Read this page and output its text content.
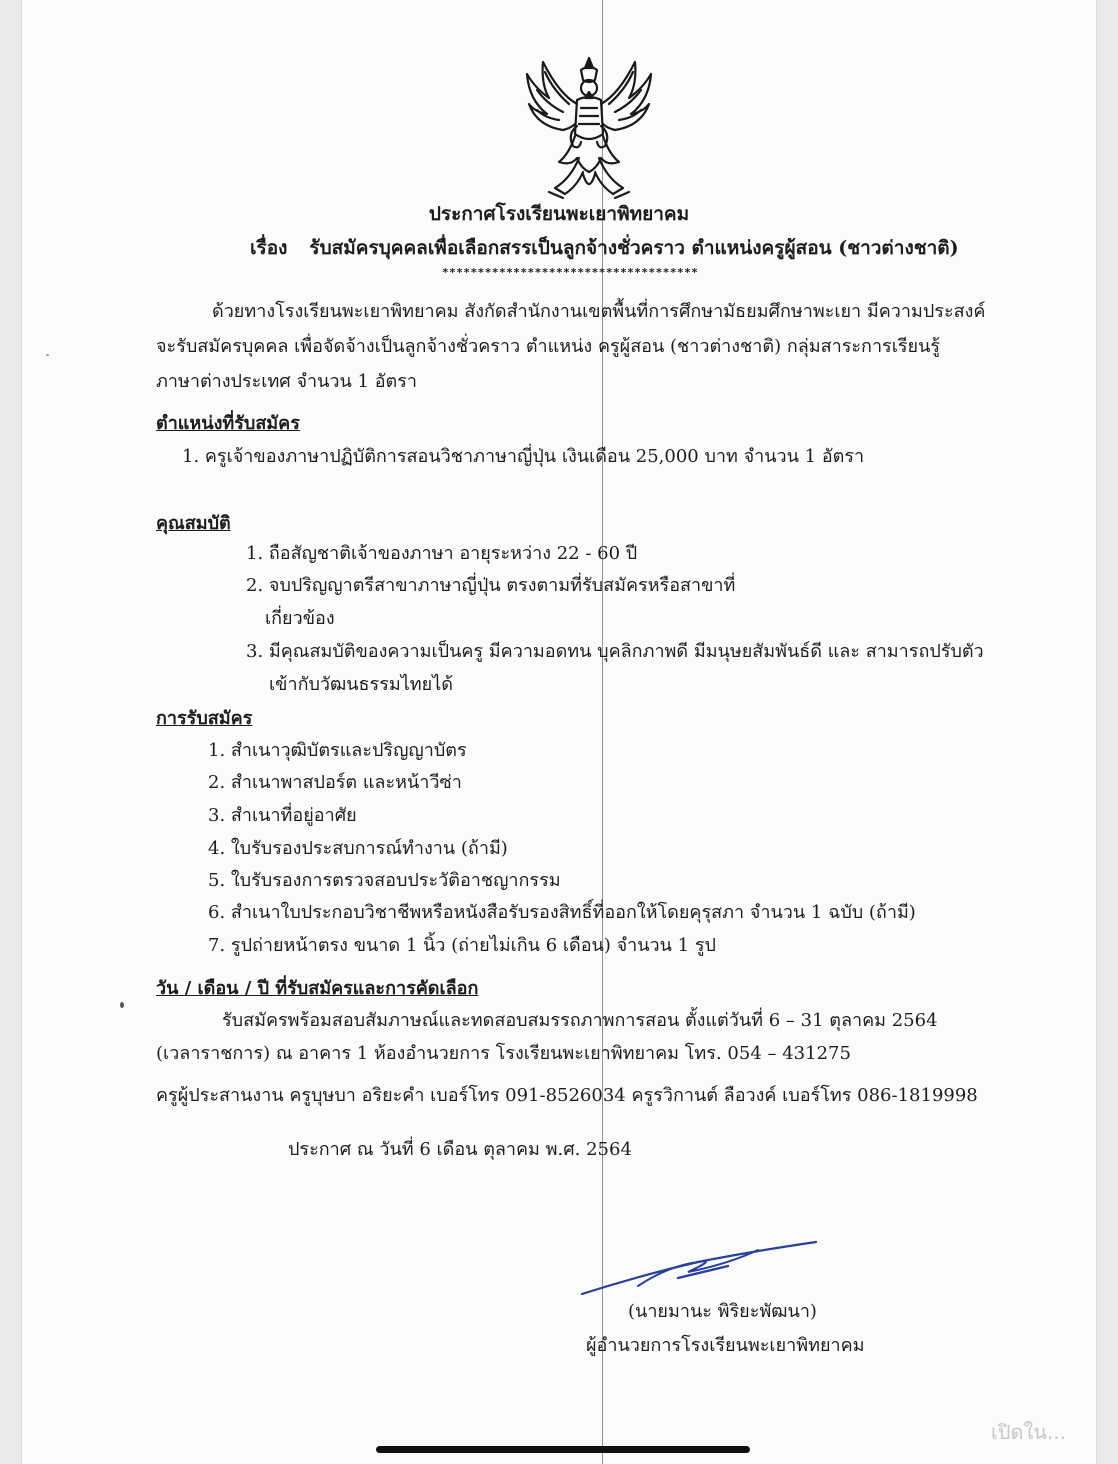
ประกาศโรงเรียนพะเยาพิทยาคม
เรื่อง รับสมัครบุคคลเพื่อเลือกสรรเป็นลูกจ้างชั่วคราว ตำแหน่งครูผู้สอน (ชาวต่างชาติ)
************************************
ด้วยทางโรงเรียนพะเยาพิทยาคม สังกัดสำนักงานเขตพื้นที่การศึกษามัธยมศึกษาพะเยา มีความประสงค์
จะรับสมัครบุคคล เพื่อจัดจ้างเป็นลูกจ้างชั่วคราว ตำแหน่ง ครูผู้สอน (ชาวต่างชาติ) กลุ่มสาระการเรียนรู้
ภาษาต่างประเทศ จำนวน 1 อัตรา
ตำแหน่งที่รับสมัคร
1. ครูเจ้าของภาษาปฏิบัติการสอนวิชาภาษาญี่ปุ่น เงินเดือน 25,000 บาท จำนวน 1 อัตรา
คุณสมบัติ
1. ถือสัญชาติเจ้าของภาษา อายุระหว่าง 22 - 60 ปี
2. จบปริญญาตรีสาขาภาษาญี่ปุ่น ตรงตามที่รับสมัครหรือสาขาที่
เกี่ยวข้อง
3. มีคุณสมบัติของความเป็นครู มีความอดทน บุคลิกภาพดี มีมนุษยสัมพันธ์ดี และ สามารถปรับตัว
เข้ากับวัฒนธรรมไทยได้
การรับสมัคร
1. สำเนาวุฒิบัตรและปริญญาบัตร
2. สำเนาพาสปอร์ต และหน้าวีซ่า
3. สำเนาที่อยู่อาศัย
4. ใบรับรองประสบการณ์ทำงาน (ถ้ามี)
5. ใบรับรองการตรวจสอบประวัติอาชญากรรม
6. สำเนาใบประกอบวิชาชีพหรือหนังสือรับรองสิทธิ์ที่ออกให้โดยคุรุสภา จำนวน 1 ฉบับ (ถ้ามี)
7. รูปถ่ายหน้าตรง ขนาด 1 นิ้ว (ถ่ายไม่เกิน 6 เดือน) จำนวน 1 รูป
วัน / เดือน / ปี ที่รับสมัครและการคัดเลือก
รับสมัครพร้อมสอบสัมภาษณ์และทดสอบสมรรถภาพการสอน ตั้งแต่วันที่ 6 – 31 ตุลาคม 2564
(เวลาราชการ) ณ อาคาร 1 ห้องอำนวยการ โรงเรียนพะเยาพิทยาคม โทร. 054 – 431275
ครูผู้ประสานงาน ครูบุษบา อริยะคำ เบอร์โทร 091-8526034 ครูรวิกานต์ ลือวงค์ เบอร์โทร 086-1819998
ประกาศ ณ วันที่ 6 เดือน ตุลาคม พ.ศ. 2564
(นายมานะ พิริยะพัฒนา)
ผู้อำนวยการโรงเรียนพะเยาพิทยาคม
เปิดใน...
